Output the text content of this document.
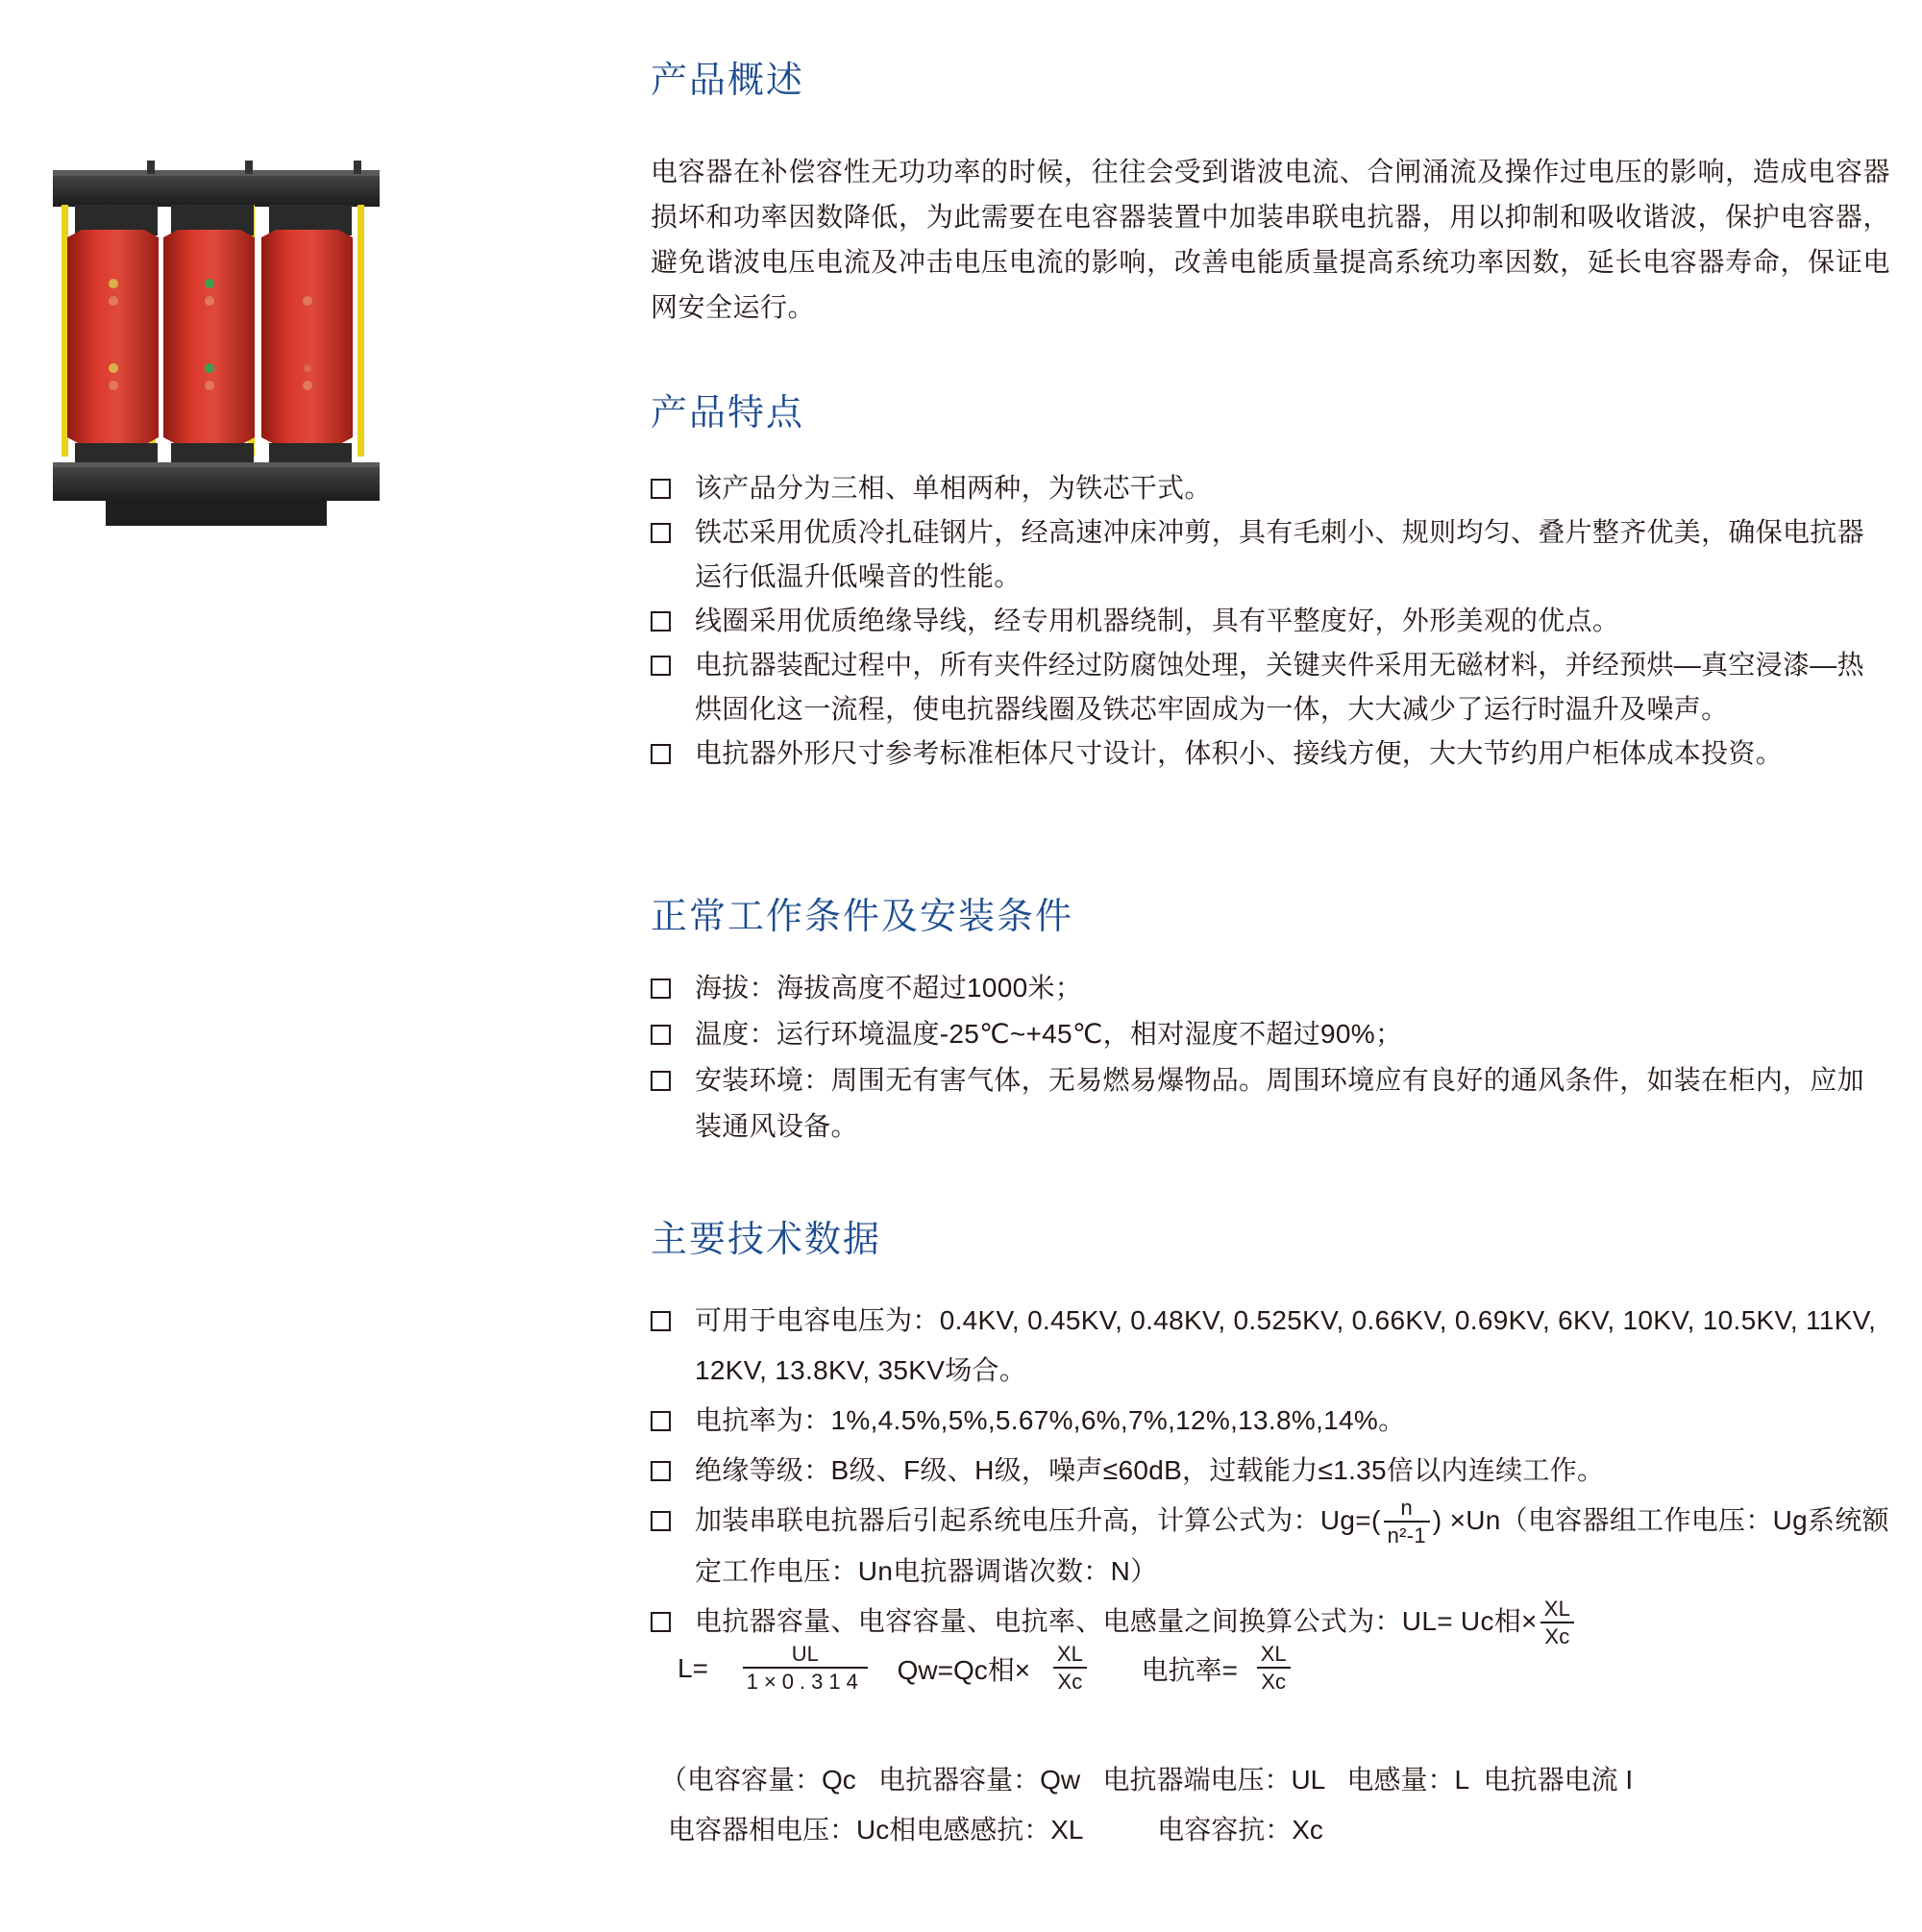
产品概述

电容器在补偿容性无功功率的时候，往往会受到谐波电流、合闸涌流及操作过电压的影响，造成电容器损坏和功率因数降低，为此需要在电容器装置中加装串联电抗器，用以抑制和吸收谐波，保护电容器，避免谐波电压电流及冲击电压电流的影响，改善电能质量提高系统功率因数，延长电容器寿命，保证电网安全运行。

产品特点
该产品分为三相、单相两种，为铁芯干式。
铁芯采用优质冷扎硅钢片，经高速冲床冲剪，具有毛刺小、规则均匀、叠片整齐优美，确保电抗器运行低温升低噪音的性能。
线圈采用优质绝缘导线，经专用机器绕制，具有平整度好，外形美观的优点。
电抗器装配过程中，所有夹件经过防腐蚀处理，关键夹件采用无磁材料，并经预烘—真空浸漆—热烘固化这一流程，使电抗器线圈及铁芯牢固成为一体，大大减少了运行时温升及噪声。
电抗器外形尺寸参考标准柜体尺寸设计，体积小、接线方便，大大节约用户柜体成本投资。
正常工作条件及安装条件
海拔：海拔高度不超过1000米；
温度：运行环境温度-25℃~+45℃，相对湿度不超过90%；
安装环境：周围无有害气体，无易燃易爆物品。周围环境应有良好的通风条件，如装在柜内，应加装通风设备。
主要技术数据
可用于电容电压为：0.4KV, 0.45KV, 0.48KV, 0.525KV, 0.66KV, 0.69KV, 6KV, 10KV, 10.5KV, 11KV, 12KV, 13.8KV, 35KV场合。
电抗率为：1%,4.5%,5%,5.67%,6%,7%,12%,13.8%,14%。
绝缘等级：B级、F级、H级，噪声≤60dB，过载能力≤1.35倍以内连续工作。
加装串联电抗器后引起系统电压升高，计算公式为：$Ug=( \frac{n}{\text{n²-1}}$ ) ×Un（电容器组工作电压：Ug系统额定工作电压：Un电抗器调谐次数：N）
电抗器容量、电容容量、电抗率、电感量之间换算公式为：UL= Uc相× $\frac{XL}{Xc}$
$L= \frac{UL}{1\times 0.314} Qw=Qc$相× $\frac{XL}{Xc}$ 电抗率= $\frac{XL}{Xc}$
（电容容量：Qc   电抗器容量：Qw   电抗器端电压：UL   电感量：L  电抗器电流 I
电容器相电压：Uc相电感感抗：XL          电容容抗：Xc
